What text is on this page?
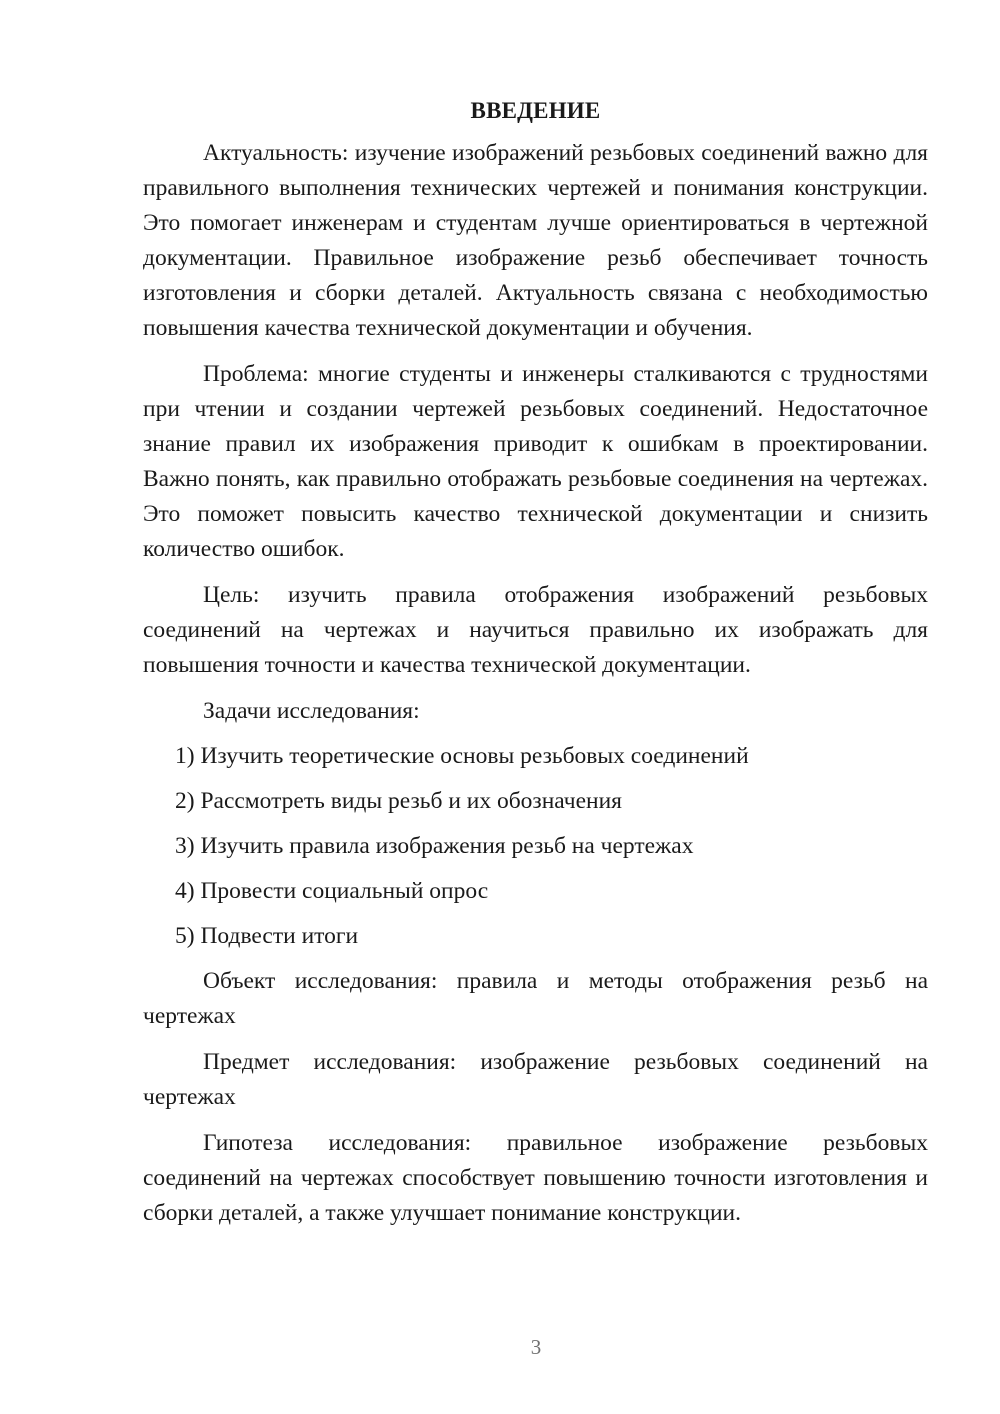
ВВЕДЕНИЕ

Актуальность: изучение изображений резьбовых соединений важно для правильного выполнения технических чертежей и понимания конструкции. Это помогает инженерам и студентам лучше ориентироваться в чертежной документации. Правильное изображение резьб обеспечивает точность изготовления и сборки деталей. Актуальность связана с необходимостью повышения качества технической документации и обучения.

Проблема: многие студенты и инженеры сталкиваются с трудностями при чтении и создании чертежей резьбовых соединений. Недостаточное знание правил их изображения приводит к ошибкам в проектировании. Важно понять, как правильно отображать резьбовые соединения на чертежах. Это поможет повысить качество технической документации и снизить количество ошибок.

Цель: изучить правила отображения изображений резьбовых соединений на чертежах и научиться правильно их изображать для повышения точности и качества технической документации.

Задачи исследования:

1) Изучить теоретические основы резьбовых соединений
2) Рассмотреть виды резьб и их обозначения
3) Изучить правила изображения резьб на чертежах
4) Провести социальный опрос
5) Подвести итоги

Объект исследования: правила и методы отображения резьб на чертежах

Предмет исследования: изображение резьбовых соединений на чертежах

Гипотеза исследования: правильное изображение резьбовых соединений на чертежах способствует повышению точности изготовления и сборки деталей, а также улучшает понимание конструкции.

3
